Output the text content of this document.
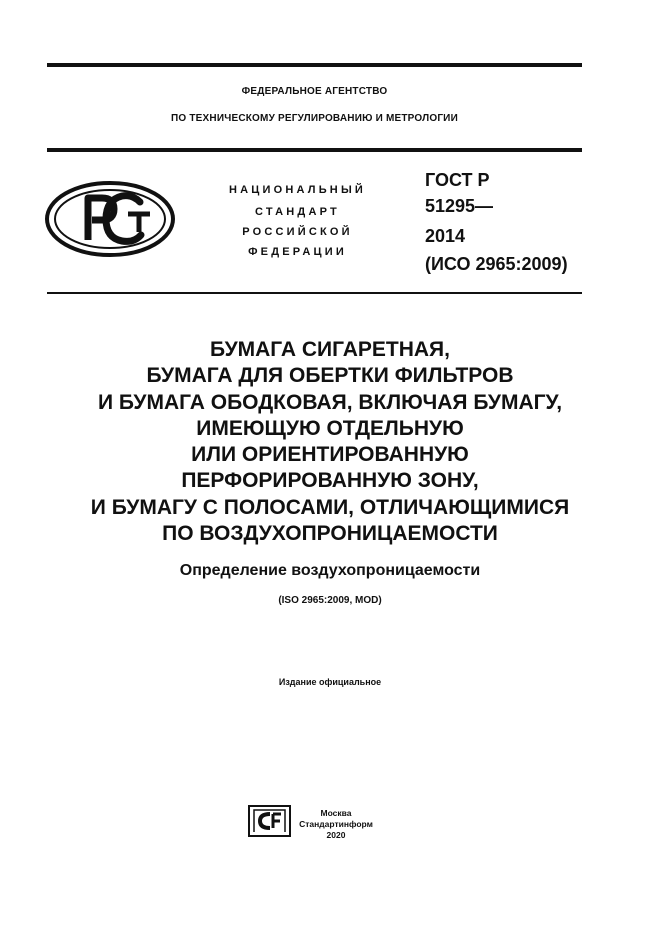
ФЕДЕРАЛЬНОЕ АГЕНТСТВО
ПО ТЕХНИЧЕСКОМУ РЕГУЛИРОВАНИЮ И МЕТРОЛОГИИ
НАЦИОНАЛЬНЫЙ
СТАНДАРТ
РОССИЙСКОЙ
ФЕДЕРАЦИИ
ГОСТ Р
51295—
2014
(ИСО 2965:2009)
БУМАГА СИГАРЕТНАЯ,
БУМАГА ДЛЯ ОБЕРТКИ ФИЛЬТРОВ
И БУМАГА ОБОДКОВАЯ, ВКЛЮЧАЯ БУМАГУ,
ИМЕЮЩУЮ ОТДЕЛЬНУЮ
ИЛИ ОРИЕНТИРОВАННУЮ
ПЕРФОРИРОВАННУЮ ЗОНУ,
И БУМАГУ С ПОЛОСАМИ, ОТЛИЧАЮЩИМИСЯ
ПО ВОЗДУХОПРОНИЦАЕМОСТИ
Определение воздухопроницаемости
(ISO 2965:2009, MOD)
Издание официальное
Москва
Стандартинформ
2020
